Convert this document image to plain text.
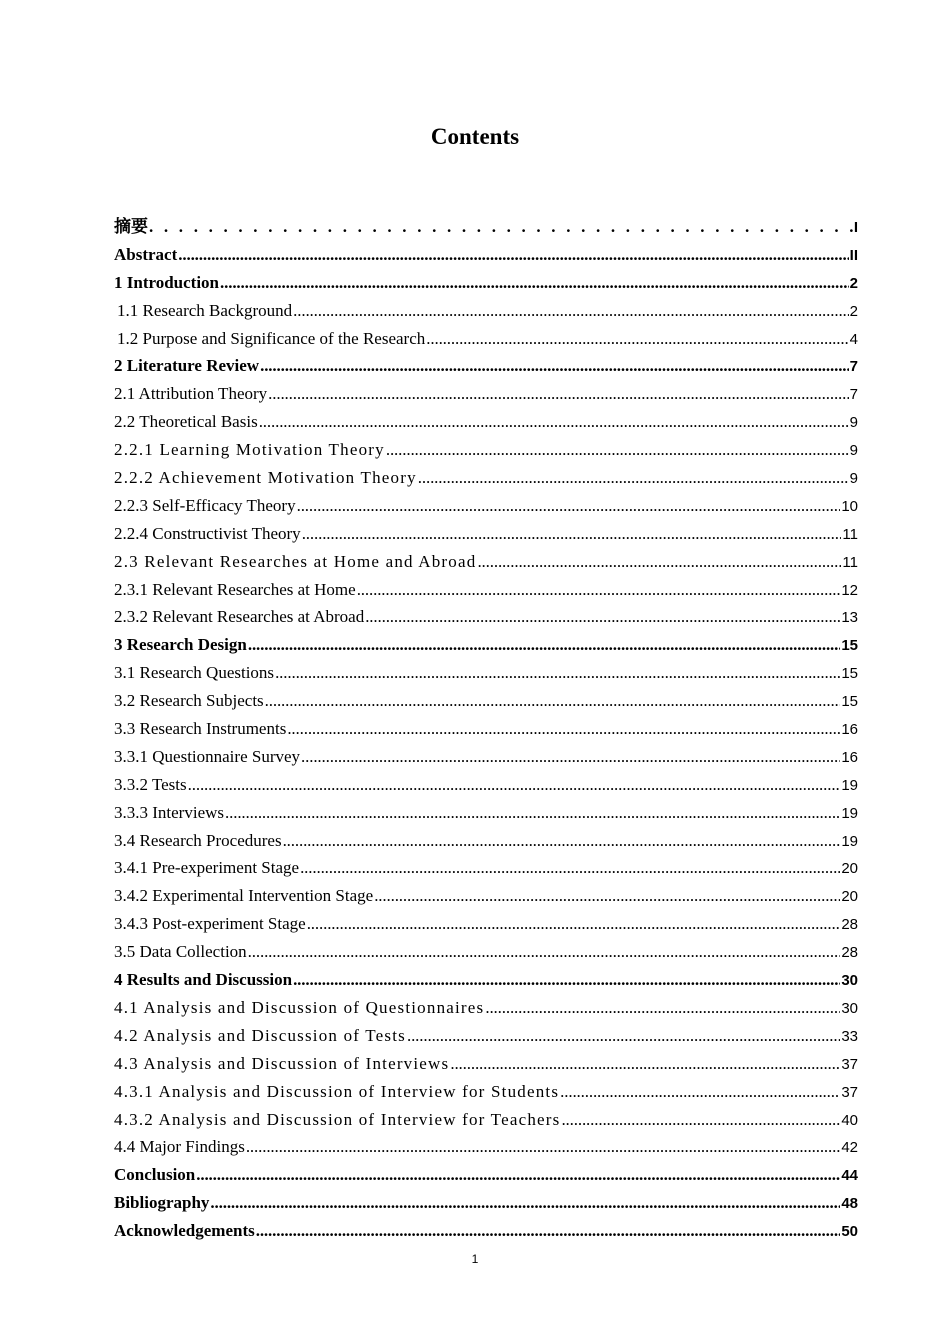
Contents
摘要 . . .	I
Abstract . . .	II
1 Introduction . . .	2
1.1 Research Background . . .	2
1.2 Purpose and Significance of the Research . . .	4
2 Literature Review . . .	7
2.1 Attribution Theory . . .	7
2.2 Theoretical Basis . . .	9
2.2.1 Learning Motivation Theory . . .	9
2.2.2 Achievement Motivation Theory . . .	9
2.2.3 Self-Efficacy Theory . . .	10
2.2.4 Constructivist Theory . . .	11
2.3 Relevant Researches at Home and Abroad . . .	11
2.3.1 Relevant Researches at Home . . .	12
2.3.2 Relevant Researches at Abroad . . .	13
3 Research Design . . .	15
3.1 Research Questions . . .	15
3.2 Research Subjects . . .	15
3.3 Research Instruments . . .	16
3.3.1 Questionnaire Survey . . .	16
3.3.2 Tests . . .	19
3.3.3 Interviews . . .	19
3.4 Research Procedures . . .	19
3.4.1 Pre-experiment Stage . . .	20
3.4.2 Experimental Intervention Stage . . .	20
3.4.3 Post-experiment Stage . . .	28
3.5 Data Collection . . .	28
4 Results and Discussion . . .	30
4.1 Analysis and Discussion of Questionnaires . . .	30
4.2 Analysis and Discussion of Tests . . .	33
4.3 Analysis and Discussion of Interviews . . .	37
4.3.1 Analysis and Discussion of Interview for Students . . .	37
4.3.2 Analysis and Discussion of Interview for Teachers . . .	40
4.4 Major Findings . . .	42
Conclusion . . .	44
Bibliography . . .	48
Acknowledgements . . .	50
1
